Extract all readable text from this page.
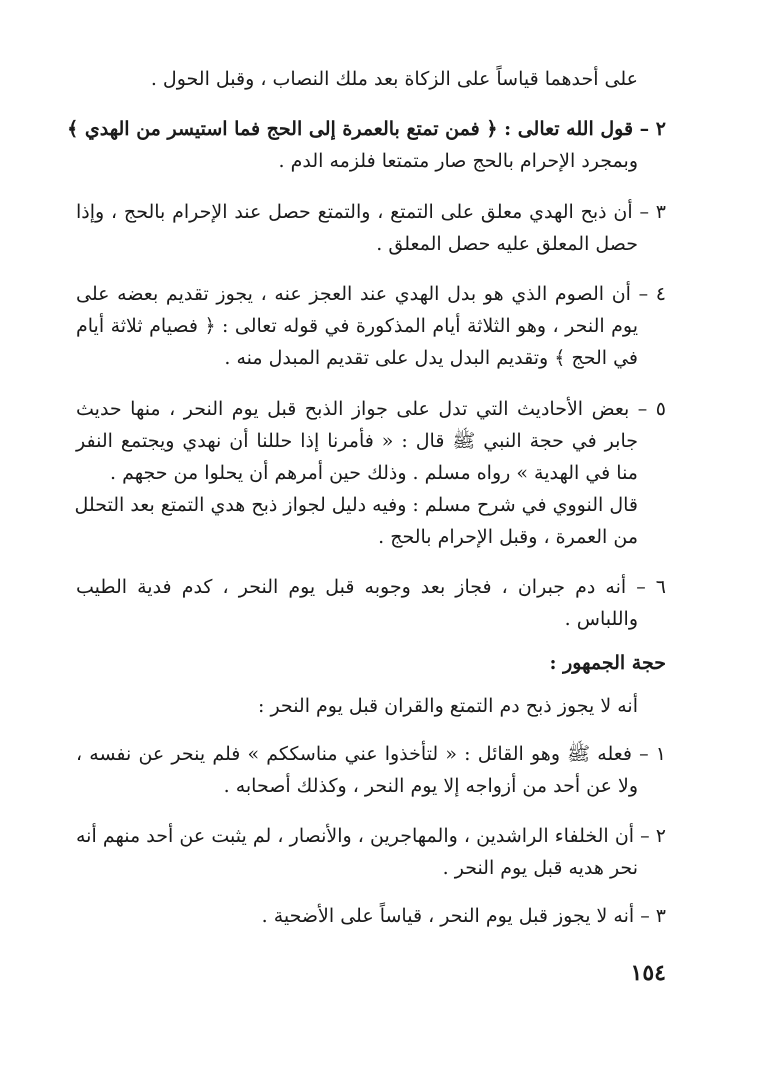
على أحدهما قياساً على الزكاة بعد ملك النصاب ، وقبل الحول .
٢ – قول الله تعالى : ﴿ فمن تمتع بالعمرة إلى الحج فما استيسر من الهدي ﴾
وبمجرد الإحرام بالحج صار متمتعا فلزمه الدم .
٣ – أن ذبح الهدي معلق على التمتع ، والتمتع حصل عند الإحرام بالحج ، وإذا
حصل المعلق عليه حصل المعلق .
٤ – أن الصوم الذي هو بدل الهدي عند العجز عنه ، يجوز تقديم بعضه على
يوم النحر ، وهو الثلاثة أيام المذكورة في قوله تعالى : ﴿ فصيام ثلاثة أيام
في الحج ﴾ وتقديم البدل يدل على تقديم المبدل منه .
٥ – بعض الأحاديث التي تدل على جواز الذبح قبل يوم النحر ، منها حديث
جابر في حجة النبي ﷺ قال : « فأمرنا إذا حللنا أن نهدي ويجتمع النفر
منا في الهدية » رواه مسلم . وذلك حين أمرهم أن يحلوا من حجهم .
قال النووي في شرح مسلم : وفيه دليل لجواز ذبح هدي التمتع بعد التحلل
من العمرة ، وقبل الإحرام بالحج .
٦ – أنه دم جبران ، فجاز بعد وجوبه قبل يوم النحر ، كدم فدية الطيب
واللباس .
حجة الجمهور :
أنه لا يجوز ذبح دم التمتع والقران قبل يوم النحر :
١ – فعله ﷺ وهو القائل : « لتأخذوا عني مناسككم » فلم ينحر عن نفسه ،
ولا عن أحد من أزواجه إلا يوم النحر ، وكذلك أصحابه .
٢ – أن الخلفاء الراشدين ، والمهاجرين ، والأنصار ، لم يثبت عن أحد منهم أنه
نحر هديه قبل يوم النحر .
٣ – أنه لا يجوز قبل يوم النحر ، قياساً على الأضحية .
١٥٤
